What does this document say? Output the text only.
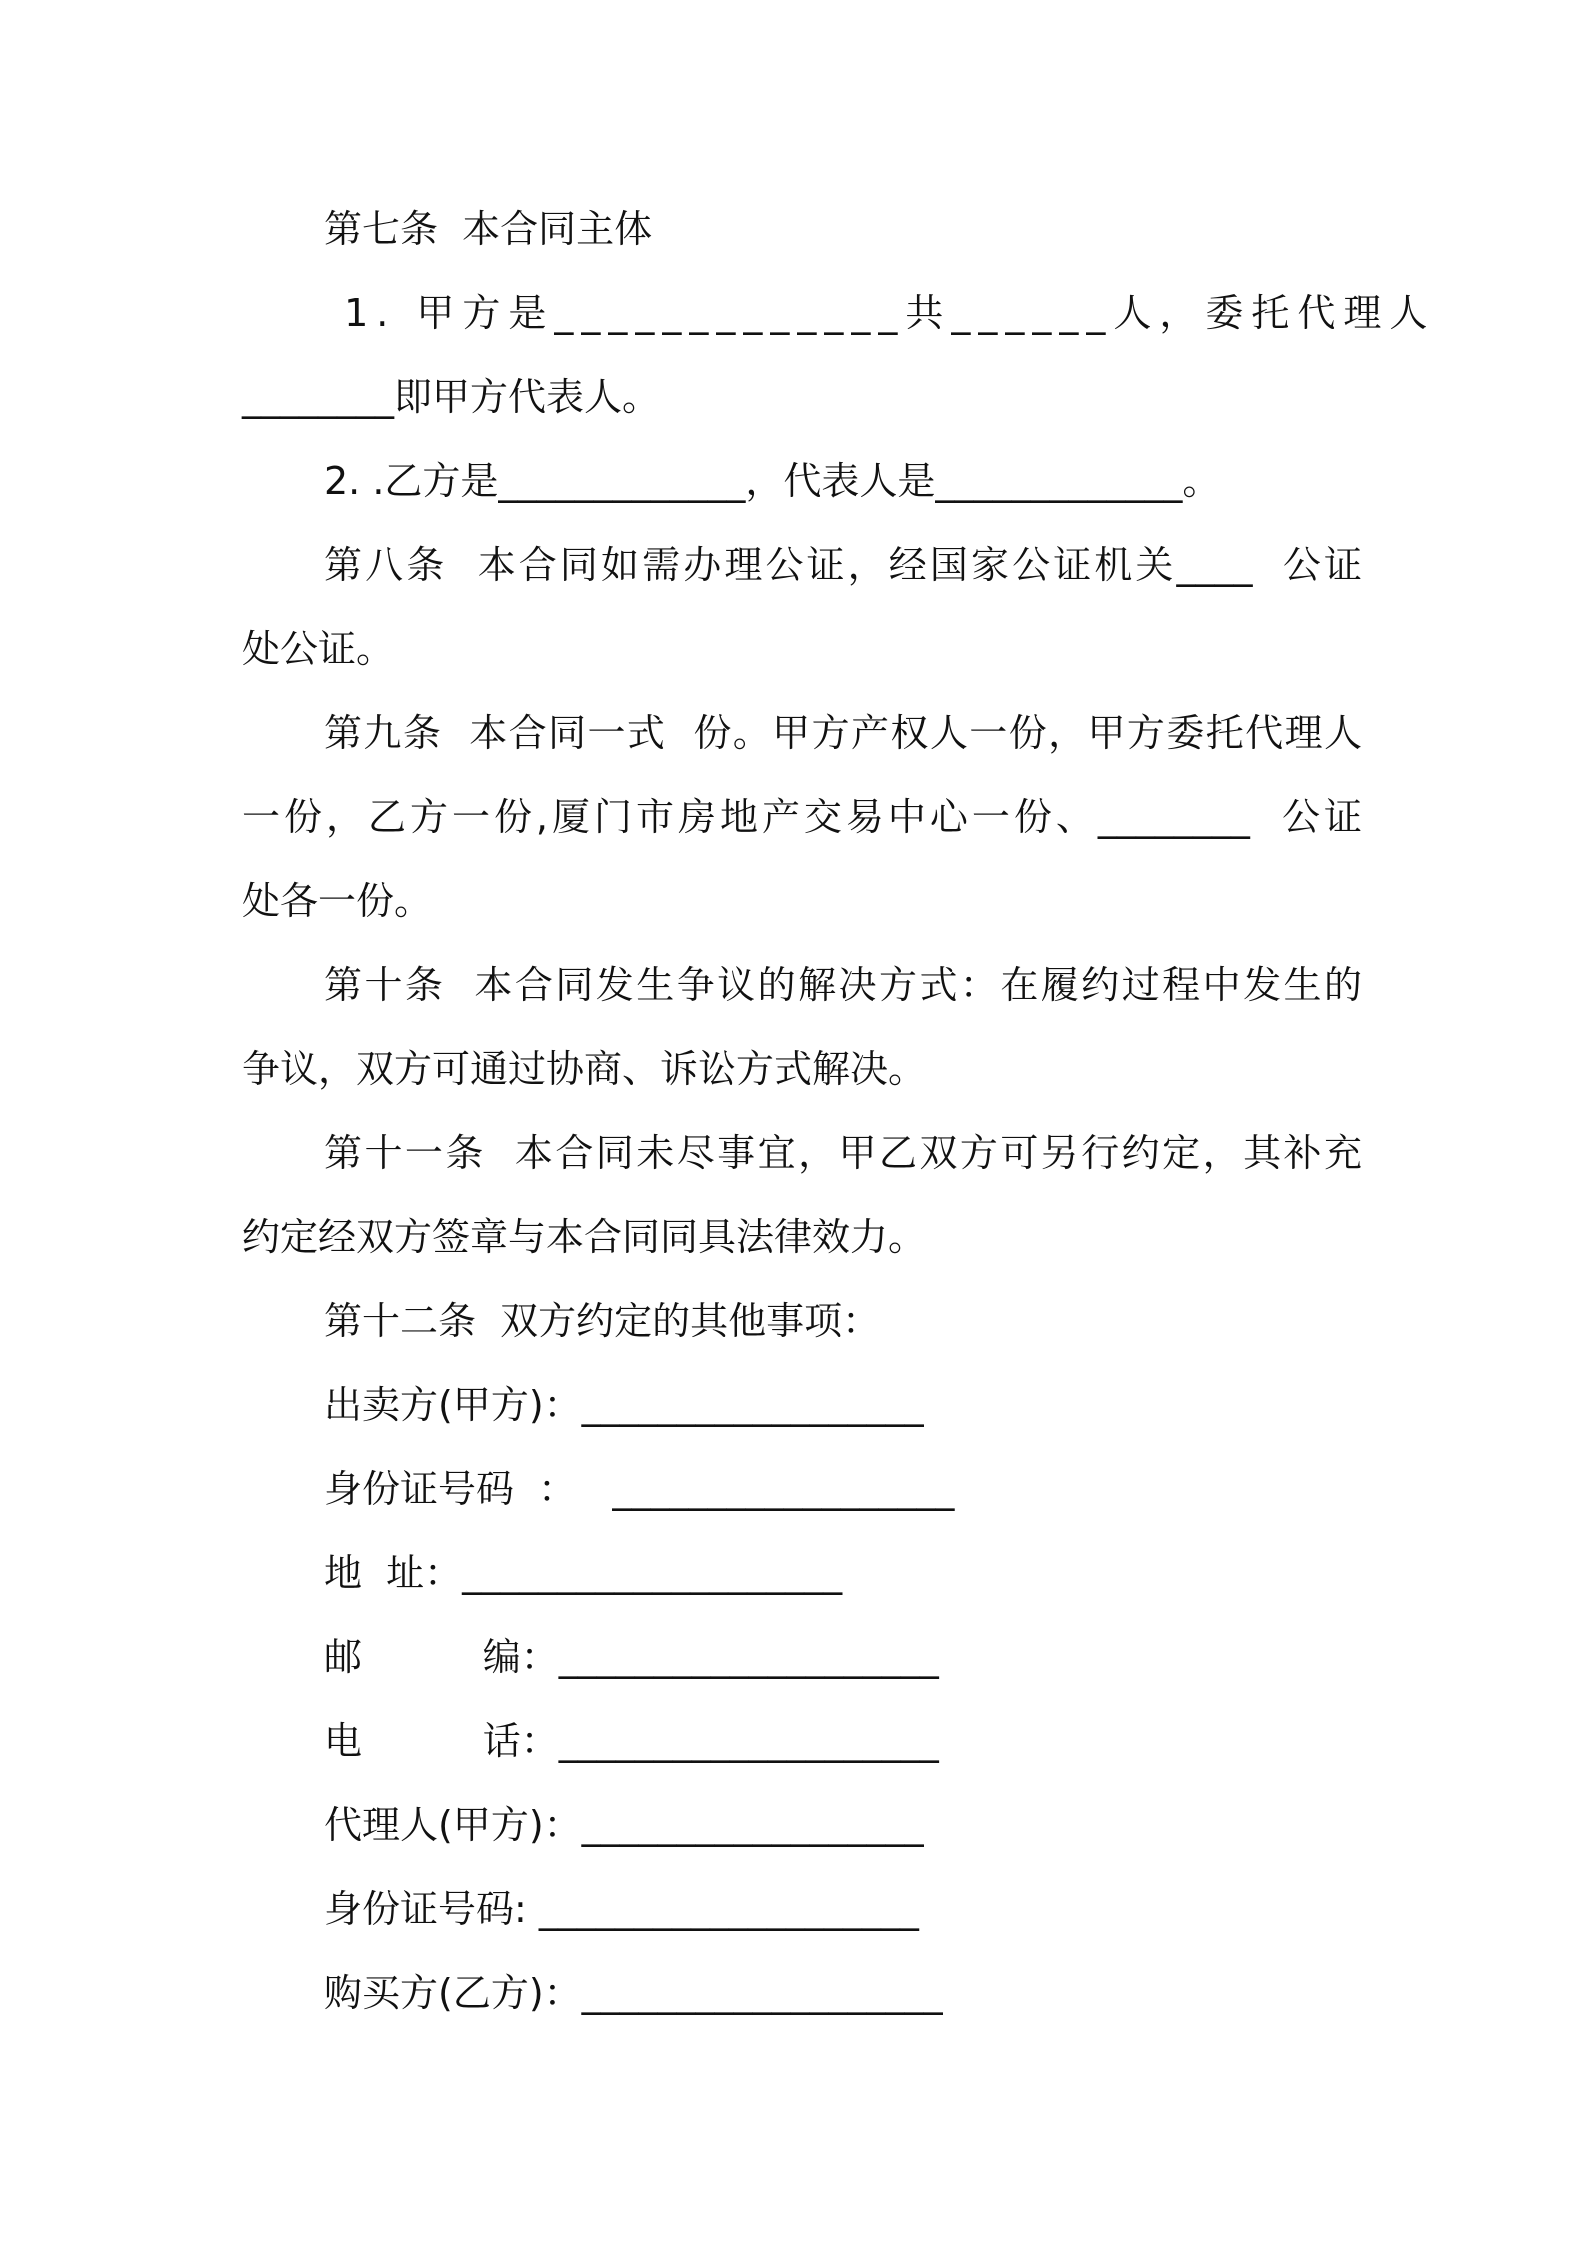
第七条  本合同主体
1. 甲方是_____________共______人，委托代理人
________即甲方代表人。
2. .乙方是_____________，代表人是_____________。
第八条  本合同如需办理公证，经国家公证机关____  公证
处公证。
第九条  本合同一式  份。甲方产权人一份，甲方委托代理人
一份，乙方一份,厦门市房地产交易中心一份、________  公证
处各一份。
第十条  本合同发生争议的解决方式：在履约过程中发生的
争议，双方可通过协商、诉讼方式解决。
第十一条  本合同未尽事宜，甲乙双方可另行约定，其补充
约定经双方签章与本合同同具法律效力。
第十二条  双方约定的其他事项：
出卖方(甲方)：__________________
身份证号码  ：   __________________
地  址：____________________
邮          编：____________________
电          话：____________________
代理人(甲方)：__________________
身份证号码: ____________________
购买方(乙方)：___________________
